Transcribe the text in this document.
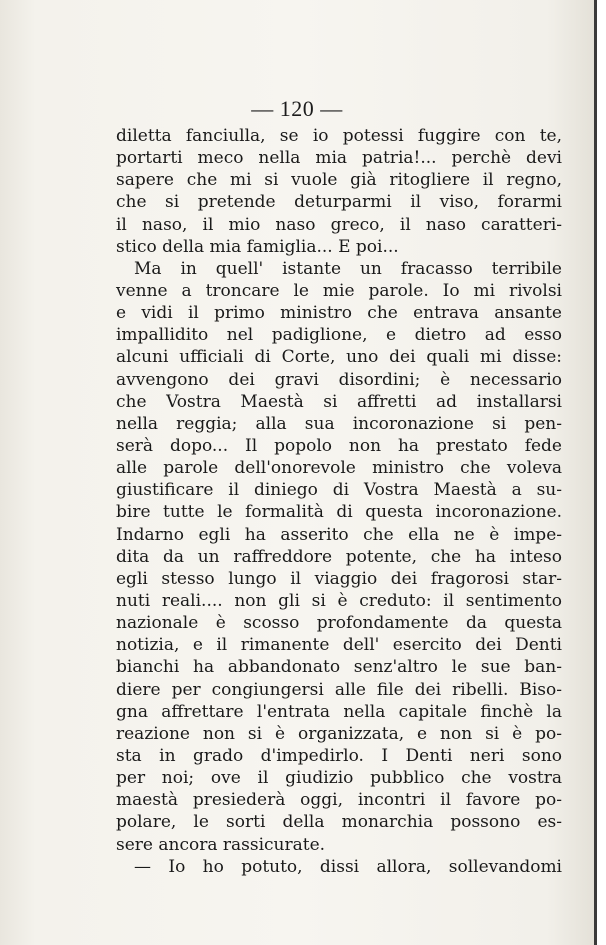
— 120 —
diletta fanciulla, se io potessi fuggire con te,
portarti meco nella mia patria!... perchè devi
sapere che mi si vuole già ritogliere il regno,
che si pretende deturparmi il viso, forarmi
il naso, il mio naso greco, il naso caratteri-
stico della mia famiglia... E poi...
Ma in quell' istante un fracasso terribile
venne a troncare le mie parole. Io mi rivolsi
e vidi il primo ministro che entrava ansante
impallidito nel padiglione, e dietro ad esso
alcuni ufficiali di Corte, uno dei quali mi disse:
avvengono dei gravi disordini; è necessario
che Vostra Maestà si affretti ad installarsi
nella reggia; alla sua incoronazione si pen-
serà dopo... Il popolo non ha prestato fede
alle parole dell'onorevole ministro che voleva
giustificare il diniego di Vostra Maestà a su-
bire tutte le formalità di questa incoronazione.
Indarno egli ha asserito che ella ne è impe-
dita da un raffreddore potente, che ha inteso
egli stesso lungo il viaggio dei fragorosi star-
nuti reali.... non gli si è creduto: il sentimento
nazionale è scosso profondamente da questa
notizia, e il rimanente dell' esercito dei Denti
bianchi ha abbandonato senz'altro le sue ban-
diere per congiungersi alle file dei ribelli. Biso-
gna affrettare l'entrata nella capitale finchè la
reazione non si è organizzata, e non si è po-
sta in grado d'impedirlo. I Denti neri sono
per noi; ove il giudizio pubblico che vostra
maestà presiederà oggi, incontri il favore po-
polare, le sorti della monarchia possono es-
sere ancora rassicurate.
— Io ho potuto, dissi allora, sollevandomi
